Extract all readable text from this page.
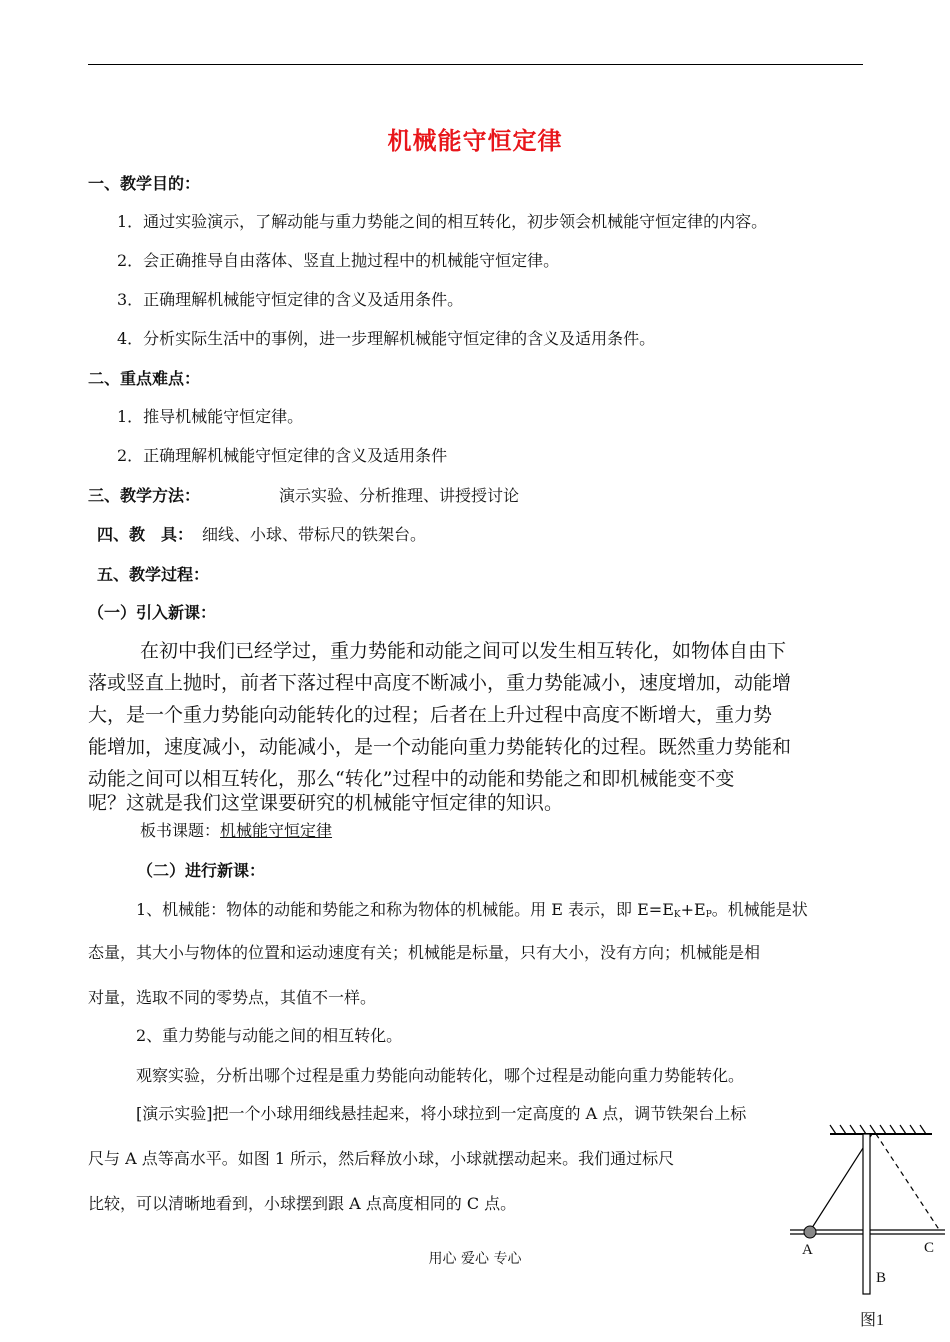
机械能守恒定律
一、教学目的：
1．通过实验演示，了解动能与重力势能之间的相互转化，初步领会机械能守恒定律的内容。
2．会正确推导自由落体、竖直上抛过程中的机械能守恒定律。
3．正确理解机械能守恒定律的含义及适用条件。
4．分析实际生活中的事例，进一步理解机械能守恒定律的含义及适用条件。
二、重点难点：
1．推导机械能守恒定律。
2．正确理解机械能守恒定律的含义及适用条件
三、教学方法：	演示实验、分析推理、讲授授讨论
四、教　具： 细线、小球、带标尺的铁架台。
五、教学过程：
（一）引入新课：
在初中我们已经学过，重力势能和动能之间可以发生相互转化，如物体自由下
落或竖直上抛时，前者下落过程中高度不断减小，重力势能减小，速度增加，动能增
大，是一个重力势能向动能转化的过程；后者在上升过程中高度不断增大，重力势
能增加，速度减小，动能减小，是一个动能向重力势能转化的过程。既然重力势能和
动能之间可以相互转化，那么“转化”过程中的动能和势能之和即机械能变不变
呢？这就是我们这堂课要研究的机械能守恒定律的知识。
板书课题：机械能守恒定律
（二）进行新课：
1、机械能：物体的动能和势能之和称为物体的机械能。用 E 表示，即 $E=E_K+E_P$。机械能是状
态量，其大小与物体的位置和运动速度有关；机械能是标量，只有大小，没有方向；机械能是相
对量，选取不同的零势点，其值不一样。
2、重力势能与动能之间的相互转化。
观察实验，分析出哪个过程是重力势能向动能转化，哪个过程是动能向重力势能转化。
[演示实验]把一个小球用细线悬挂起来，将小球拉到一定高度的 A 点，调节铁架台上标
尺与 A 点等高水平。如图 1 所示，然后释放小球，小球就摆动起来。我们通过标尺
比较，可以清晰地看到，小球摆到跟 A 点高度相同的 C 点。
用心 爱心 专心
A	C
B
图1
